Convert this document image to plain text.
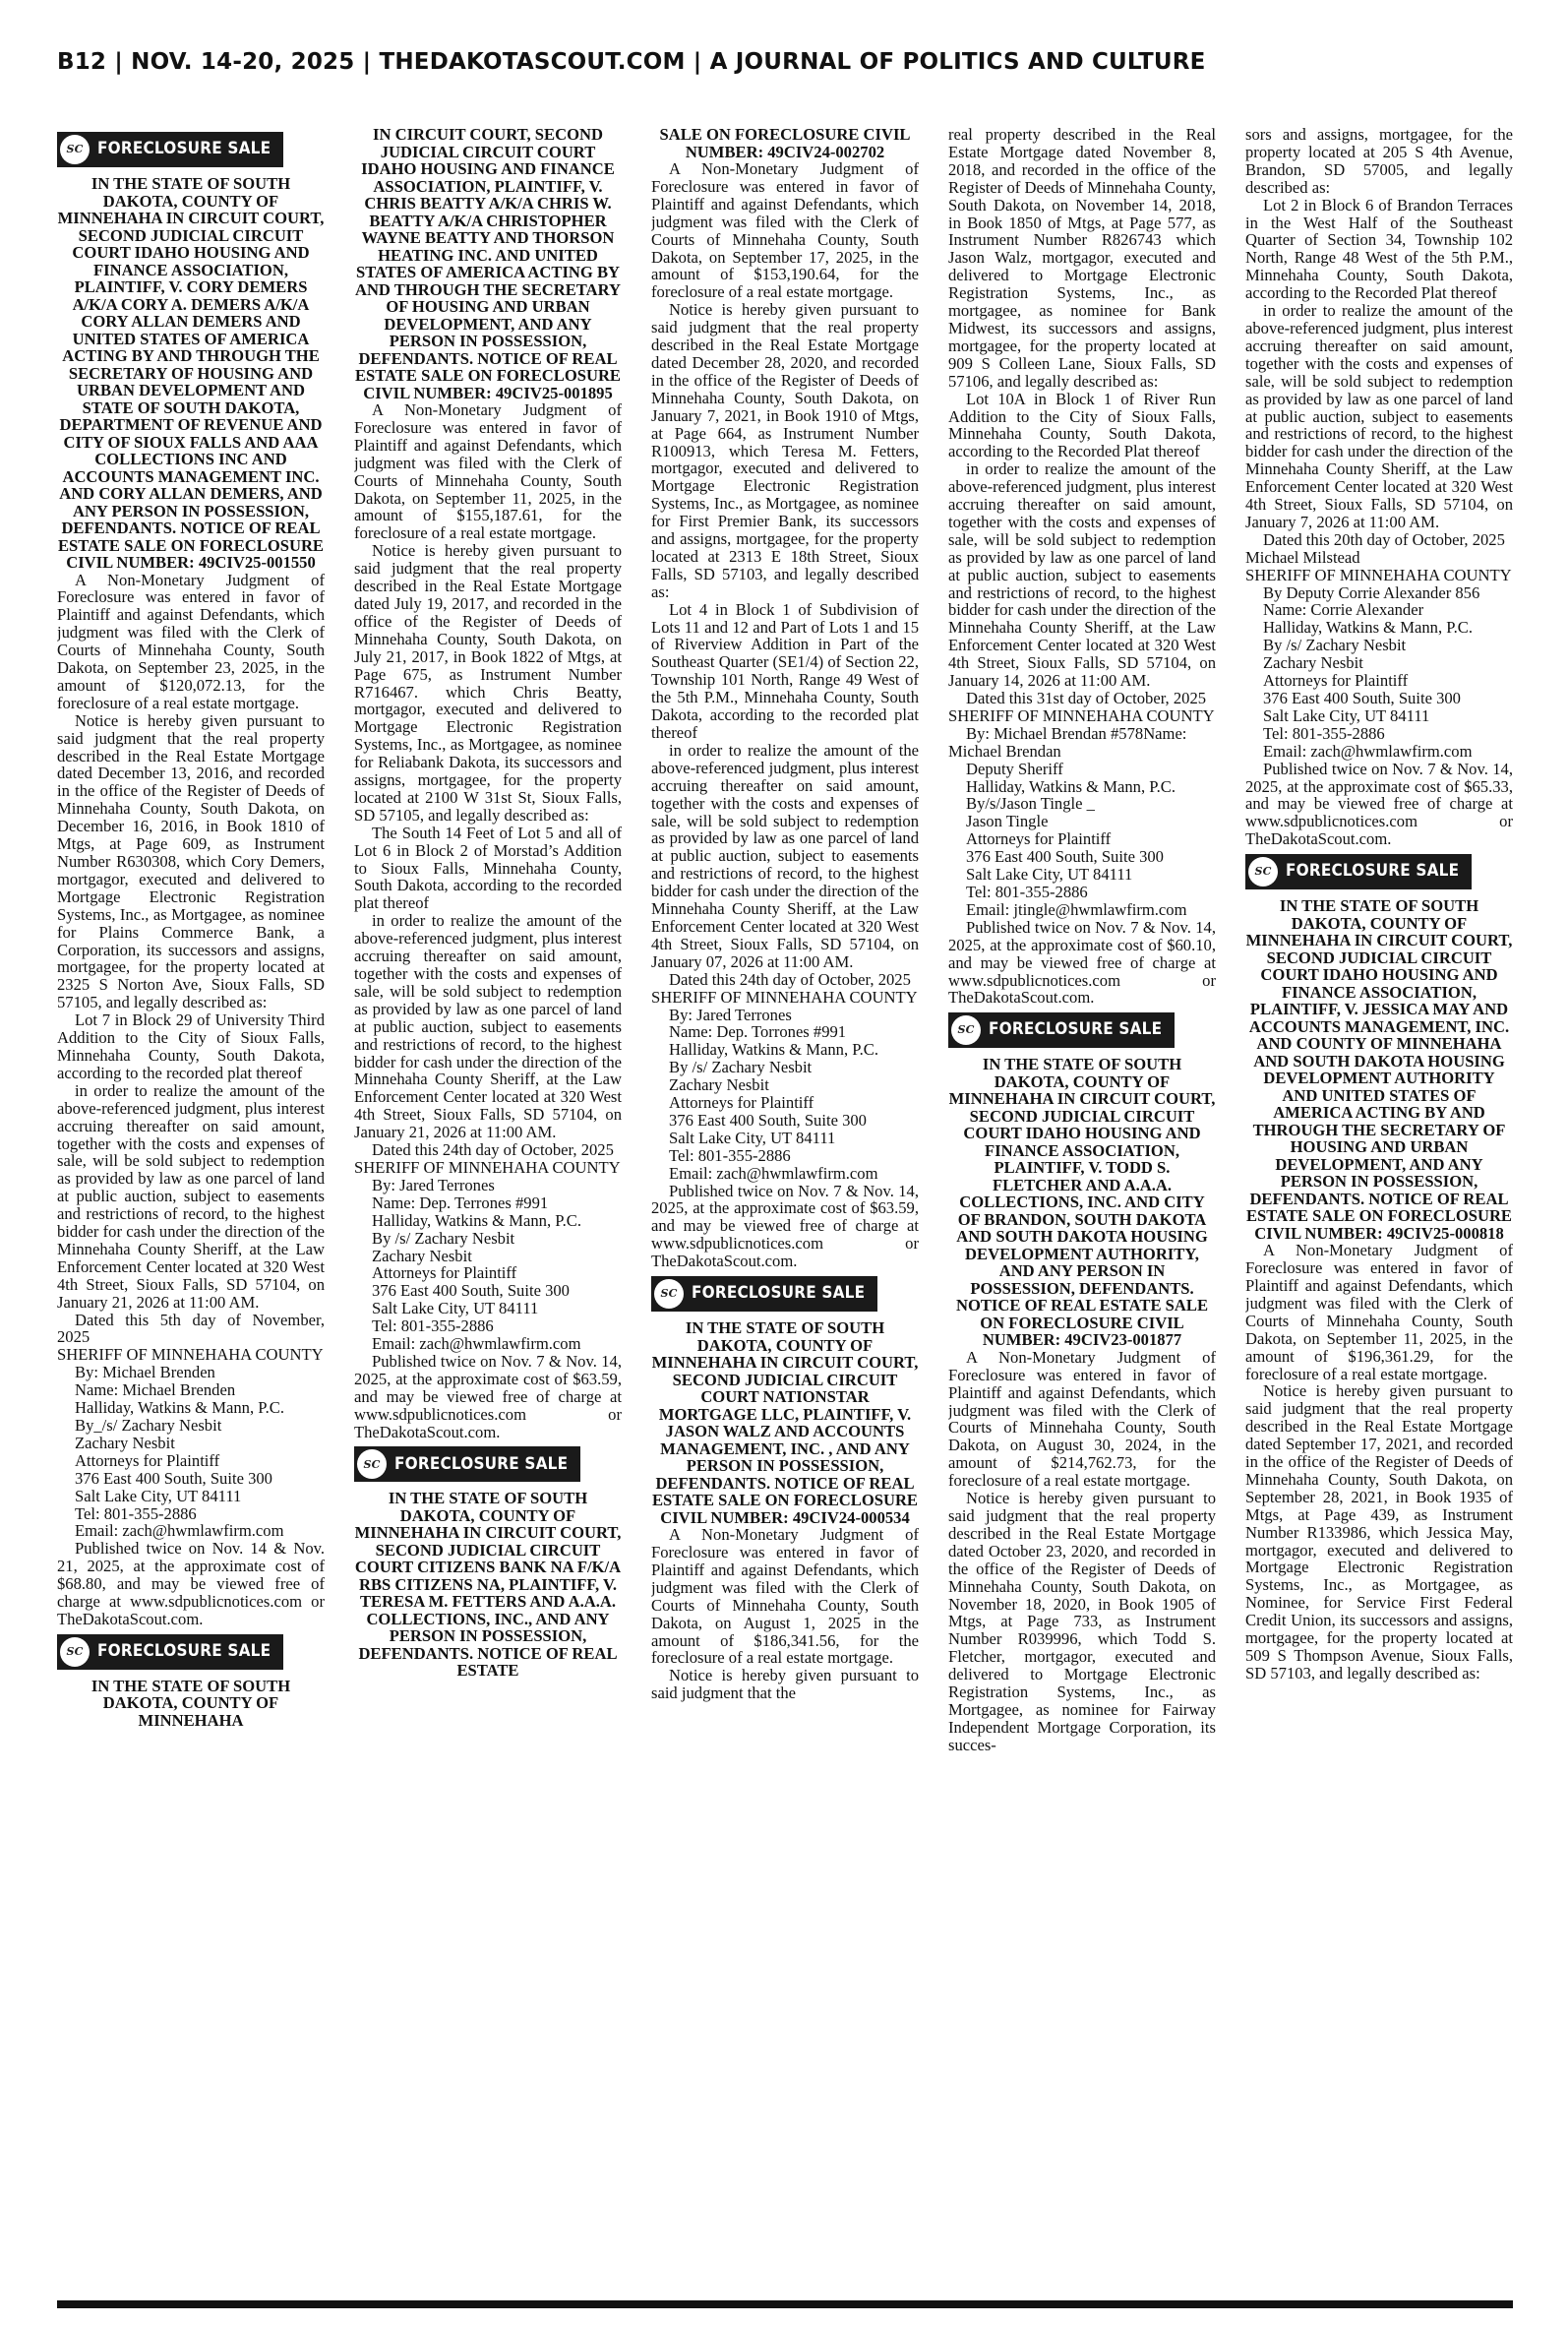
B12 | NOV. 14-20, 2025 | THEDAKOTASCOUT.COM | A JOURNAL OF POLITICS AND CULTURE
SC FORECLOSURE SALE
IN THE STATE OF SOUTH DAKOTA, COUNTY OF MINNEHAHA IN CIRCUIT COURT, SECOND JUDICIAL CIRCUIT COURT IDAHO HOUSING AND FINANCE ASSOCIATION, PLAINTIFF, V. CORY DEMERS A/K/A CORY A. DEMERS A/K/A CORY ALLAN DEMERS AND UNITED STATES OF AMERICA ACTING BY AND THROUGH THE SECRETARY OF HOUSING AND URBAN DEVELOPMENT AND STATE OF SOUTH DAKOTA, DEPARTMENT OF REVENUE AND CITY OF SIOUX FALLS AND AAA COLLECTIONS INC AND ACCOUNTS MANAGEMENT INC. AND CORY ALLAN DEMERS, AND ANY PERSON IN POSSESSION, DEFENDANTS. NOTICE OF REAL ESTATE SALE ON FORECLOSURE CIVIL NUMBER: 49CIV25-001550

A Non-Monetary Judgment of Foreclosure was entered in favor of Plaintiff and against Defendants, which judgment was filed with the Clerk of Courts of Minnehaha County, South Dakota, on September 23, 2025, in the amount of $120,072.13, for the foreclosure of a real estate mortgage.

Notice is hereby given pursuant to said judgment that the real property described in the Real Estate Mortgage dated December 13, 2016, and recorded in the office of the Register of Deeds of Minnehaha County, South Dakota, on December 16, 2016, in Book 1810 of Mtgs, at Page 609, as Instrument Number R630308, which Cory Demers, mortgagor, executed and delivered to Mortgage Electronic Registration Systems, Inc., as Mortgagee, as nominee for Plains Commerce Bank, a Corporation, its successors and assigns, mortgagee, for the property located at 2325 S Norton Ave, Sioux Falls, SD 57105, and legally described as:

Lot 7 in Block 29 of University Third Addition to the City of Sioux Falls, Minnehaha County, South Dakota, according to the recorded plat thereof

in order to realize the amount of the above-referenced judgment, plus interest accruing thereafter on said amount, together with the costs and expenses of sale, will be sold subject to redemption as provided by law as one parcel of land at public auction, subject to easements and restrictions of record, to the highest bidder for cash under the direction of the Minnehaha County Sheriff, at the Law Enforcement Center located at 320 West 4th Street, Sioux Falls, SD 57104, on January 21, 2026 at 11:00 AM.

Dated this 5th day of November, 2025

SHERIFF OF MINNEHAHA COUNTY

By: Michael Brenden

Name: Michael Brenden

Halliday, Watkins & Mann, P.C.

By_/s/ Zachary Nesbit

Zachary Nesbit

Attorneys for Plaintiff

376 East 400 South, Suite 300

Salt Lake City, UT 84111

Tel: 801-355-2886

Email: zach@hwmlawfirm.com

Published twice on Nov. 14 & Nov. 21, 2025, at the approximate cost of $68.80, and may be viewed free of charge at www.sdpublicnotices.com or TheDakotaScout.com.

SC FORECLOSURE SALE
IN THE STATE OF SOUTH DAKOTA, COUNTY OF MINNEHAHA
IN CIRCUIT COURT, SECOND JUDICIAL CIRCUIT COURT IDAHO HOUSING AND FINANCE ASSOCIATION, PLAINTIFF, V. CHRIS BEATTY A/K/A CHRIS W. BEATTY A/K/A CHRISTOPHER WAYNE BEATTY AND THORSON HEATING INC. AND UNITED STATES OF AMERICA ACTING BY AND THROUGH THE SECRETARY OF HOUSING AND URBAN DEVELOPMENT, AND ANY PERSON IN POSSESSION, DEFENDANTS. NOTICE OF REAL ESTATE SALE ON FORECLOSURE CIVIL NUMBER: 49CIV25-001895

A Non-Monetary Judgment of Foreclosure was entered in favor of Plaintiff and against Defendants, which judgment was filed with the Clerk of Courts of Minnehaha County, South Dakota, on September 11, 2025, in the amount of $155,187.61, for the foreclosure of a real estate mortgage.

Notice is hereby given pursuant to said judgment that the real property described in the Real Estate Mortgage dated July 19, 2017, and recorded in the office of the Register of Deeds of Minnehaha County, South Dakota, on July 21, 2017, in Book 1822 of Mtgs, at Page 675, as Instrument Number R716467. which Chris Beatty, mortgagor, executed and delivered to Mortgage Electronic Registration Systems, Inc., as Mortgagee, as nominee for Reliabank Dakota, its successors and assigns, mortgagee, for the property located at 2100 W 31st St, Sioux Falls, SD 57105, and legally described as:

The South 14 Feet of Lot 5 and all of Lot 6 in Block 2 of Morstad’s Addition to Sioux Falls, Minnehaha County, South Dakota, according to the recorded plat thereof

in order to realize the amount of the above-referenced judgment, plus interest accruing thereafter on said amount, together with the costs and expenses of sale, will be sold subject to redemption as provided by law as one parcel of land at public auction, subject to easements and restrictions of record, to the highest bidder for cash under the direction of the Minnehaha County Sheriff, at the Law Enforcement Center located at 320 West 4th Street, Sioux Falls, SD 57104, on January 21, 2026 at 11:00 AM.

Dated this 24th day of October, 2025

SHERIFF OF MINNEHAHA COUNTY

By: Jared Terrones

Name: Dep. Terrones #991

Halliday, Watkins & Mann, P.C.

By /s/ Zachary Nesbit

Zachary Nesbit

Attorneys for Plaintiff

376 East 400 South, Suite 300

Salt Lake City, UT 84111

Tel: 801-355-2886

Email: zach@hwmlawfirm.com

Published twice on Nov. 7 & Nov. 14, 2025, at the approximate cost of $63.59, and may be viewed free of charge at www.sdpublicnotices.com or TheDakotaScout.com.

SC FORECLOSURE SALE
IN THE STATE OF SOUTH DAKOTA, COUNTY OF MINNEHAHA IN CIRCUIT COURT, SECOND JUDICIAL CIRCUIT COURT CITIZENS BANK NA F/K/A RBS CITIZENS NA, PLAINTIFF, V. TERESA M. FETTERS AND A.A.A. COLLECTIONS, INC., AND ANY PERSON IN POSSESSION, DEFENDANTS. NOTICE OF REAL ESTATE
SALE ON FORECLOSURE CIVIL NUMBER: 49CIV24-002702

A Non-Monetary Judgment of Foreclosure was entered in favor of Plaintiff and against Defendants, which judgment was filed with the Clerk of Courts of Minnehaha County, South Dakota, on September 17, 2025, in the amount of $153,190.64, for the foreclosure of a real estate mortgage.

Notice is hereby given pursuant to said judgment that the real property described in the Real Estate Mortgage dated December 28, 2020, and recorded in the office of the Register of Deeds of Minnehaha County, South Dakota, on January 7, 2021, in Book 1910 of Mtgs, at Page 664, as Instrument Number R100913, which Teresa M. Fetters, mortgagor, executed and delivered to Mortgage Electronic Registration Systems, Inc., as Mortgagee, as nominee for First Premier Bank, its successors and assigns, mortgagee, for the property located at 2313 E 18th Street, Sioux Falls, SD 57103, and legally described as:

Lot 4 in Block 1 of Subdivision of Lots 11 and 12 and Part of Lots 1 and 15 of Riverview Addition in Part of the Southeast Quarter (SE1/4) of Section 22, Township 101 North, Range 49 West of the 5th P.M., Minnehaha County, South Dakota, according to the recorded plat thereof

in order to realize the amount of the above-referenced judgment, plus interest accruing thereafter on said amount, together with the costs and expenses of sale, will be sold subject to redemption as provided by law as one parcel of land at public auction, subject to easements and restrictions of record, to the highest bidder for cash under the direction of the Minnehaha County Sheriff, at the Law Enforcement Center located at 320 West 4th Street, Sioux Falls, SD 57104, on January 07, 2026 at 11:00 AM.

Dated this 24th day of October, 2025

SHERIFF OF MINNEHAHA COUNTY

By: Jared Terrones

Name: Dep. Torrones #991

Halliday, Watkins & Mann, P.C.

By /s/ Zachary Nesbit

Zachary Nesbit

Attorneys for Plaintiff

376 East 400 South, Suite 300

Salt Lake City, UT 84111

Tel: 801-355-2886

Email: zach@hwmlawfirm.com

Published twice on Nov. 7 & Nov. 14, 2025, at the approximate cost of $63.59, and may be viewed free of charge at www.sdpublicnotices.com or TheDakotaScout.com.

SC FORECLOSURE SALE
IN THE STATE OF SOUTH DAKOTA, COUNTY OF MINNEHAHA IN CIRCUIT COURT, SECOND JUDICIAL CIRCUIT COURT NATIONSTAR MORTGAGE LLC, PLAINTIFF, V. JASON WALZ AND ACCOUNTS MANAGEMENT, INC. , AND ANY PERSON IN POSSESSION, DEFENDANTS. NOTICE OF REAL ESTATE SALE ON FORECLOSURE CIVIL NUMBER: 49CIV24-000534

A Non-Monetary Judgment of Foreclosure was entered in favor of Plaintiff and against Defendants, which judgment was filed with the Clerk of Courts of Minnehaha County, South Dakota, on August 1, 2025 in the amount of $186,341.56, for the foreclosure of a real estate mortgage.

Notice is hereby given pursuant to said judgment that the

real property described in the Real Estate Mortgage dated November 8, 2018, and recorded in the office of the Register of Deeds of Minnehaha County, South Dakota, on November 14, 2018, in Book 1850 of Mtgs, at Page 577, as Instrument Number R826743 which Jason Walz, mortgagor, executed and delivered to Mortgage Electronic Registration Systems, Inc., as mortgagee, as nominee for Bank Midwest, its successors and assigns, mortgagee, for the property located at 909 S Colleen Lane, Sioux Falls, SD 57106, and legally described as:

Lot 10A in Block 1 of River Run Addition to the City of Sioux Falls, Minnehaha County, South Dakota, according to the Recorded Plat thereof

in order to realize the amount of the above-referenced judgment, plus interest accruing thereafter on said amount, together with the costs and expenses of sale, will be sold subject to redemption as provided by law as one parcel of land at public auction, subject to easements and restrictions of record, to the highest bidder for cash under the direction of the Minnehaha County Sheriff, at the Law Enforcement Center located at 320 West 4th Street, Sioux Falls, SD 57104, on January 14, 2026 at 11:00 AM.

Dated this 31st day of October, 2025

SHERIFF OF MINNEHAHA COUNTY

By: Michael Brendan #578Name: Michael Brendan

Deputy Sheriff

Halliday, Watkins & Mann, P.C.

By/s/Jason Tingle _

Jason Tingle

Attorneys for Plaintiff

376 East 400 South, Suite 300

Salt Lake City, UT 84111

Tel: 801-355-2886

Email: jtingle@hwmlawfirm.com

Published twice on Nov. 7 & Nov. 14, 2025, at the approximate cost of $60.10, and may be viewed free of charge at www.sdpublicnotices.com or TheDakotaScout.com.

SC FORECLOSURE SALE
IN THE STATE OF SOUTH DAKOTA, COUNTY OF MINNEHAHA IN CIRCUIT COURT, SECOND JUDICIAL CIRCUIT COURT IDAHO HOUSING AND FINANCE ASSOCIATION, PLAINTIFF, V. TODD S. FLETCHER AND A.A.A. COLLECTIONS, INC. AND CITY OF BRANDON, SOUTH DAKOTA AND SOUTH DAKOTA HOUSING DEVELOPMENT AUTHORITY, AND ANY PERSON IN POSSESSION, DEFENDANTS. NOTICE OF REAL ESTATE SALE ON FORECLOSURE CIVIL NUMBER: 49CIV23-001877

A Non-Monetary Judgment of Foreclosure was entered in favor of Plaintiff and against Defendants, which judgment was filed with the Clerk of Courts of Minnehaha County, South Dakota, on August 30, 2024, in the amount of $214,762.73, for the foreclosure of a real estate mortgage.

Notice is hereby given pursuant to said judgment that the real property described in the Real Estate Mortgage dated October 23, 2020, and recorded in the office of the Register of Deeds of Minnehaha County, South Dakota, on November 18, 2020, in Book 1905 of Mtgs, at Page 733, as Instrument Number R039996, which Todd S. Fletcher, mortgagor, executed and delivered to Mortgage Electronic Registration Systems, Inc., as Mortgagee, as nominee for Fairway Independent Mortgage Corporation, its succes-

sors and assigns, mortgagee, for the property located at 205 S 4th Avenue, Brandon, SD 57005, and legally described as:

Lot 2 in Block 6 of Brandon Terraces in the West Half of the Southeast Quarter of Section 34, Township 102 North, Range 48 West of the 5th P.M., Minnehaha County, South Dakota, according to the Recorded Plat thereof

in order to realize the amount of the above-referenced judgment, plus interest accruing thereafter on said amount, together with the costs and expenses of sale, will be sold subject to redemption as provided by law as one parcel of land at public auction, subject to easements and restrictions of record, to the highest bidder for cash under the direction of the Minnehaha County Sheriff, at the Law Enforcement Center located at 320 West 4th Street, Sioux Falls, SD 57104, on January 7, 2026 at 11:00 AM.

Dated this 20th day of October, 2025

Michael Milstead

SHERIFF OF MINNEHAHA COUNTY

By Deputy Corrie Alexander 856

Name: Corrie Alexander

Halliday, Watkins & Mann, P.C.

By /s/ Zachary Nesbit

Zachary Nesbit

Attorneys for Plaintiff

376 East 400 South, Suite 300

Salt Lake City, UT 84111

Tel: 801-355-2886

Email: zach@hwmlawfirm.com

Published twice on Nov. 7 & Nov. 14, 2025, at the approximate cost of $65.33, and may be viewed free of charge at www.sdpublicnotices.com or TheDakotaScout.com.

SC FORECLOSURE SALE
IN THE STATE OF SOUTH DAKOTA, COUNTY OF MINNEHAHA IN CIRCUIT COURT, SECOND JUDICIAL CIRCUIT COURT IDAHO HOUSING AND FINANCE ASSOCIATION, PLAINTIFF, V. JESSICA MAY AND ACCOUNTS MANAGEMENT, INC. AND COUNTY OF MINNEHAHA AND SOUTH DAKOTA HOUSING DEVELOPMENT AUTHORITY AND UNITED STATES OF AMERICA ACTING BY AND THROUGH THE SECRETARY OF HOUSING AND URBAN DEVELOPMENT, AND ANY PERSON IN POSSESSION, DEFENDANTS. NOTICE OF REAL ESTATE SALE ON FORECLOSURE CIVIL NUMBER: 49CIV25-000818

A Non-Monetary Judgment of Foreclosure was entered in favor of Plaintiff and against Defendants, which judgment was filed with the Clerk of Courts of Minnehaha County, South Dakota, on September 11, 2025, in the amount of $196,361.29, for the foreclosure of a real estate mortgage.

Notice is hereby given pursuant to said judgment that the real property described in the Real Estate Mortgage dated September 17, 2021, and recorded in the office of the Register of Deeds of Minnehaha County, South Dakota, on September 28, 2021, in Book 1935 of Mtgs, at Page 439, as Instrument Number R133986, which Jessica May, mortgagor, executed and delivered to Mortgage Electronic Registration Systems, Inc., as Mortgagee, as Nominee, for Service First Federal Credit Union, its successors and assigns, mortgagee, for the property located at 509 S Thompson Avenue, Sioux Falls, SD 57103, and legally described as:
